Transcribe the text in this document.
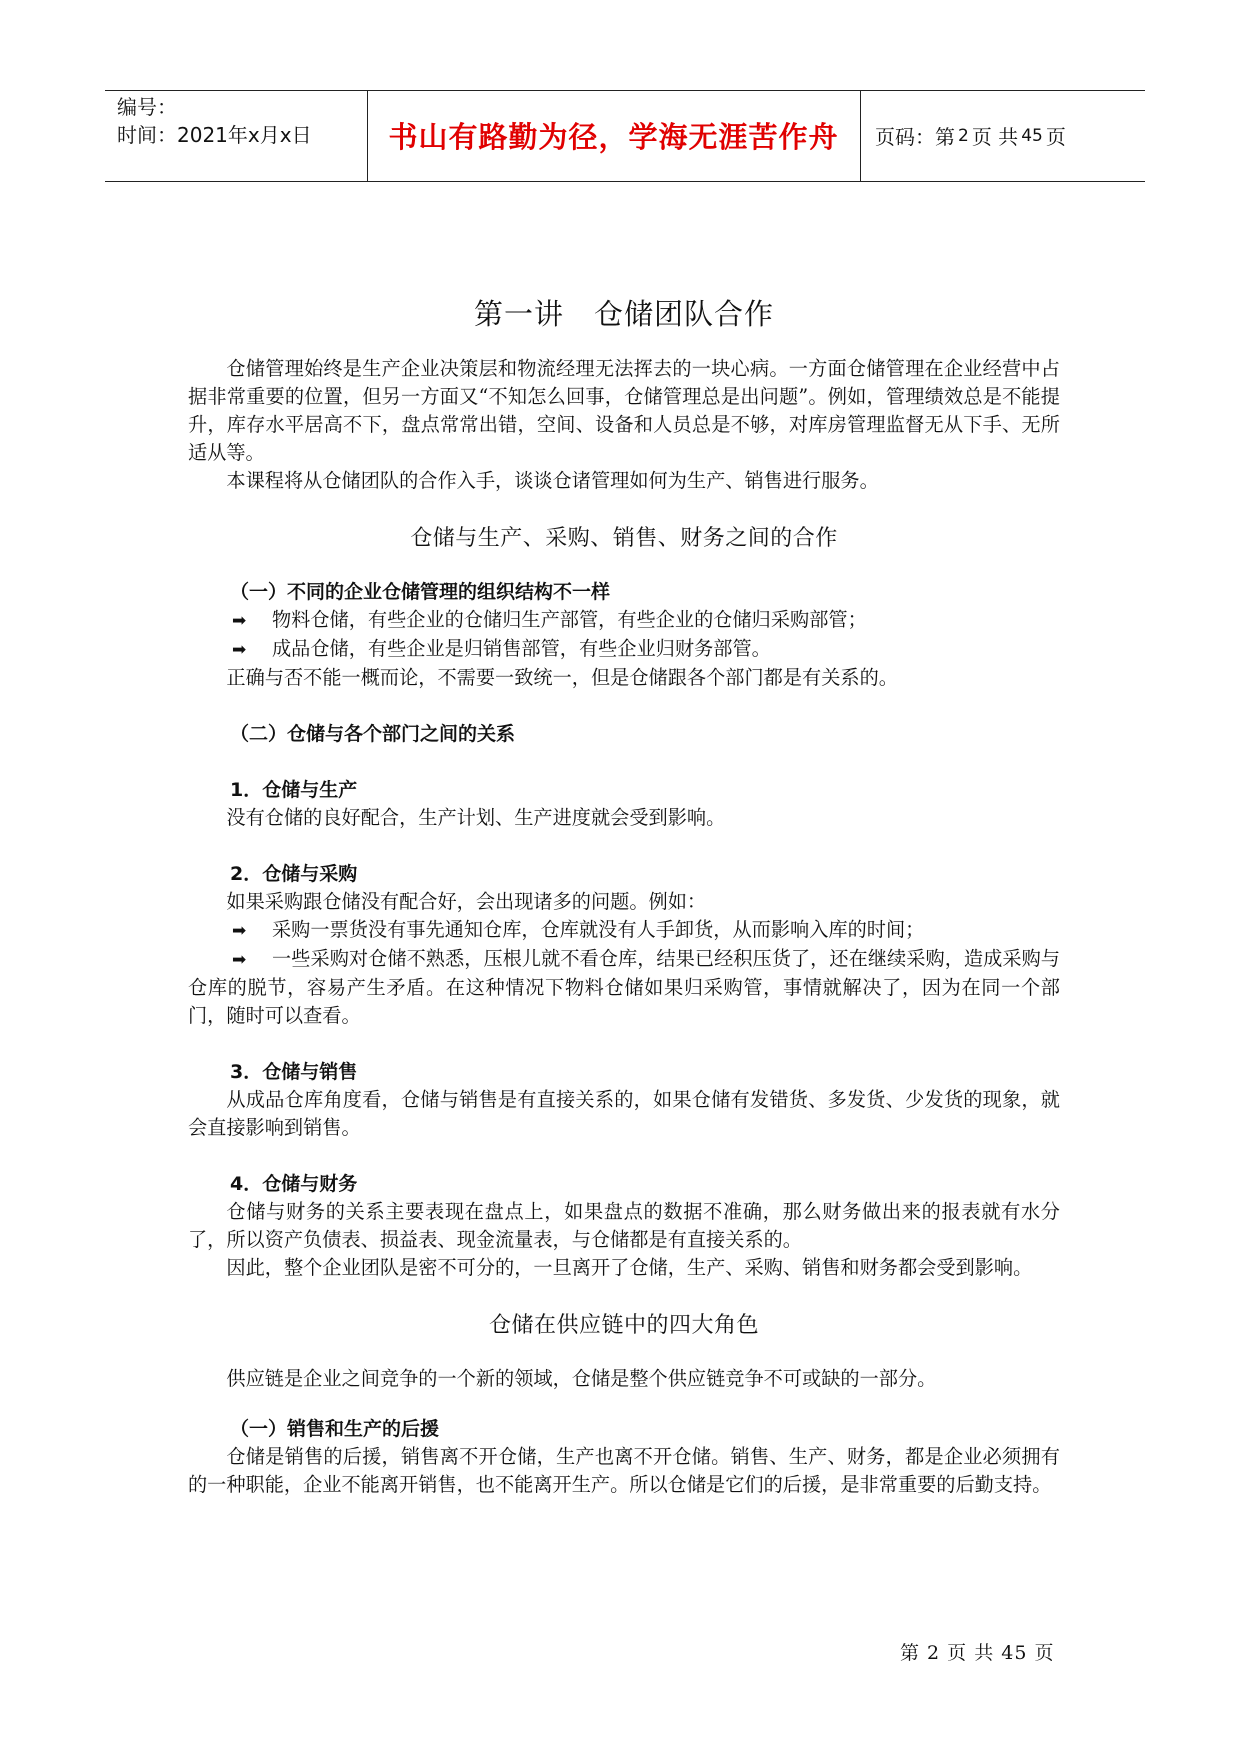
编号：
时间：2021年x月x日	书山有路勤为径，学海无涯苦作舟	页码：第 2 页 共 45 页
第一讲 仓储团队合作

仓储管理始终是生产企业决策层和物流经理无法挥去的一块心病。一方面仓储管理在企业经营中占据非常重要的位置，但另一方面又“不知怎么回事，仓储管理总是出问题”。例如，管理绩效总是不能提升，库存水平居高不下，盘点常常出错，空间、设备和人员总是不够，对库房管理监督无从下手、无所适从等。

本课程将从仓储团队的合作入手，谈谈仓诸管理如何为生产、销售进行服务。

仓储与生产、采购、销售、财务之间的合作

（一）不同的企业仓储管理的组织结构不一样

➡ 物料仓储，有些企业的仓储归生产部管，有些企业的仓储归采购部管；

➡ 成品仓储，有些企业是归销售部管，有些企业归财务部管。

正确与否不能一概而论，不需要一致统一，但是仓储跟各个部门都是有关系的。

（二）仓储与各个部门之间的关系

1．仓储与生产

没有仓储的良好配合，生产计划、生产进度就会受到影响。

2．仓储与采购

如果采购跟仓储没有配合好，会出现诸多的问题。例如：

➡ 采购一票货没有事先通知仓库，仓库就没有人手卸货，从而影响入库的时间；

➡ 一些采购对仓储不熟悉，压根儿就不看仓库，结果已经积压货了，还在继续采购，造成采购与仓库的脱节，容易产生矛盾。在这种情况下物料仓储如果归采购管，事情就解决了，因为在同一个部门，随时可以查看。

3．仓储与销售

从成品仓库角度看，仓储与销售是有直接关系的，如果仓储有发错货、多发货、少发货的现象，就会直接影响到销售。

4．仓储与财务

仓储与财务的关系主要表现在盘点上，如果盘点的数据不准确，那么财务做出来的报表就有水分了，所以资产负债表、损益表、现金流量表，与仓储都是有直接关系的。

因此，整个企业团队是密不可分的，一旦离开了仓储，生产、采购、销售和财务都会受到影响。

仓储在供应链中的四大角色

供应链是企业之间竞争的一个新的领域，仓储是整个供应链竞争不可或缺的一部分。

（一）销售和生产的后援

仓储是销售的后援，销售离不开仓储，生产也离不开仓储。销售、生产、财务，都是企业必须拥有的一种职能，企业不能离开销售，也不能离开生产。所以仓储是它们的后援，是非常重要的后勤支持。

第 2 页 共 45 页
